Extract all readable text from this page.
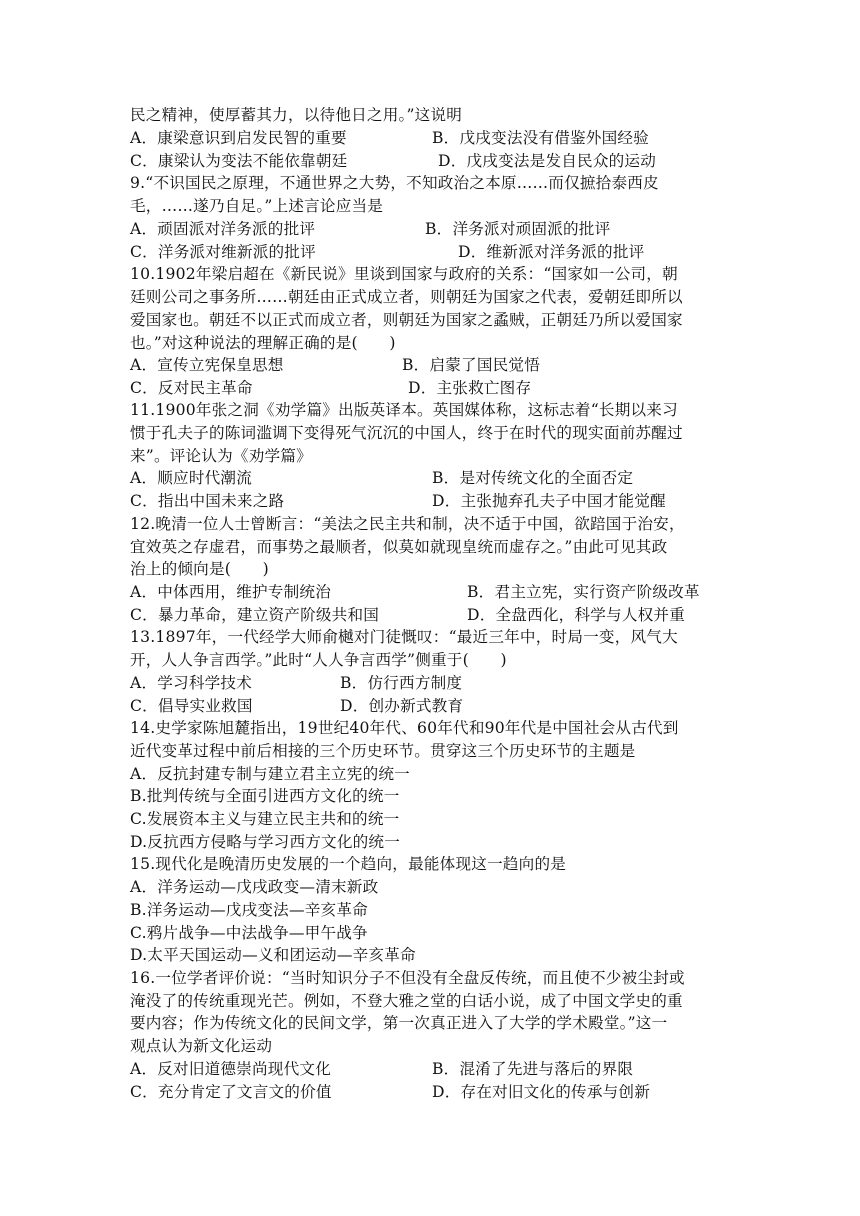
民之精神，使厚蓄其力，以待他日之用。”这说明
A．康梁意识到启发民智的重要	B．戊戌变法没有借鉴外国经验
C．康梁认为变法不能依靠朝廷	D．戊戌变法是发自民众的运动
9.“不识国民之原理，不通世界之大势，不知政治之本原……而仅摭拾泰西皮
毛，……遂乃自足。”上述言论应当是
A．顽固派对洋务派的批评	B．洋务派对顽固派的批评
C．洋务派对维新派的批评	D．维新派对洋务派的批评
10.1902年梁启超在《新民说》里谈到国家与政府的关系：“国家如一公司，朝
廷则公司之事务所……朝廷由正式成立者，则朝廷为国家之代表，爱朝廷即所以
爱国家也。朝廷不以正式而成立者，则朝廷为国家之蟊贼，正朝廷乃所以爱国家
也。”对这种说法的理解正确的是(　　)
A．宣传立宪保皇思想	B．启蒙了国民觉悟
C．反对民主革命	D．主张救亡图存
11.1900年张之洞《劝学篇》出版英译本。英国媒体称，这标志着“长期以来习
惯于孔夫子的陈词滥调下变得死气沉沉的中国人，终于在时代的现实面前苏醒过
来”。评论认为《劝学篇》
A．顺应时代潮流	B．是对传统文化的全面否定
C．指出中国未来之路	D．主张抛弃孔夫子中国才能觉醒
12.晚清一位人士曾断言：“美法之民主共和制，决不适于中国，欲踣国于治安，
宜效英之存虚君，而事势之最顺者，似莫如就现皇统而虚存之。”由此可见其政
治上的倾向是(　　)
A．中体西用，维护专制统治	B．君主立宪，实行资产阶级改革
C．暴力革命，建立资产阶级共和国	D．全盘西化，科学与人权并重
13.1897年，一代经学大师俞樾对门徒慨叹：“最近三年中，时局一变，风气大
开，人人争言西学。”此时“人人争言西学”侧重于(　　)
A．学习科学技术	B．仿行西方制度
C．倡导实业救国	D．创办新式教育
14.史学家陈旭麓指出，19世纪40年代、60年代和90年代是中国社会从古代到
近代变革过程中前后相接的三个历史环节。贯穿这三个历史环节的主题是
A．反抗封建专制与建立君主立宪的统一
B.批判传统与全面引进西方文化的统一
C.发展资本主义与建立民主共和的统一
D.反抗西方侵略与学习西方文化的统一
15.现代化是晚清历史发展的一个趋向，最能体现这一趋向的是
A．洋务运动—戊戌政变—清末新政
B.洋务运动—戊戌变法—辛亥革命
C.鸦片战争—中法战争—甲午战争
D.太平天国运动—义和团运动—辛亥革命
16.一位学者评价说：“当时知识分子不但没有全盘反传统，而且使不少被尘封或
淹没了的传统重现光芒。例如，不登大雅之堂的白话小说，成了中国文学史的重
要内容；作为传统文化的民间文学，第一次真正进入了大学的学术殿堂。”这一
观点认为新文化运动
A．反对旧道德崇尚现代文化	B．混淆了先进与落后的界限
C．充分肯定了文言文的价值	D．存在对旧文化的传承与创新
